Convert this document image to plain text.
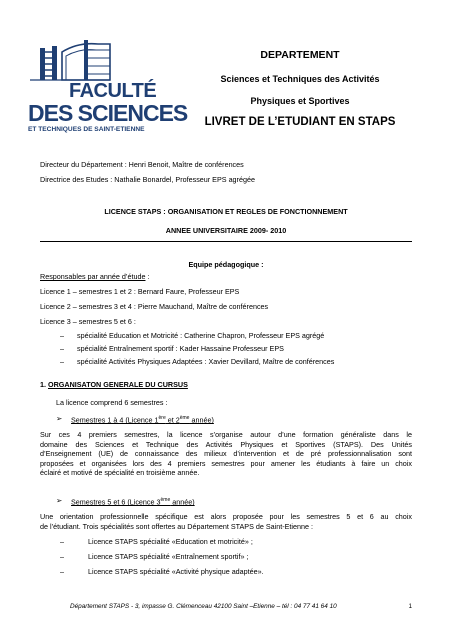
FACULTÉ
DES SCIENCES
ET TECHNIQUES DE SAINT-ETIENNE
DEPARTEMENT
Sciences et Techniques des Activités
Physiques et Sportives
LIVRET DE L’ETUDIANT EN STAPS
Directeur du Département : Henri Benoit, Maître de conférences
Directrice des Etudes : Nathalie Bonardel, Professeur EPS agrégée
LICENCE STAPS : ORGANISATION ET REGLES DE FONCTIONNEMENT
ANNEE UNIVERSITAIRE 2009- 2010
Equipe pédagogique :
Responsables par année d’étude :
Licence 1 – semestres 1 et 2 : Bernard Faure, Professeur EPS
Licence 2 – semestres 3 et 4 : Pierre Mauchand, Maître de conférences
Licence 3 – semestres 5 et 6 :
– spécialité Education et Motricité : Catherine Chapron, Professeur EPS agrégé
– spécialité Entraînement sportif : Kader Hassaine Professeur EPS
– spécialité Activités Physiques Adaptées : Xavier Devillard, Maître de conférences
1. ORGANISATON GENERALE DU CURSUS
La licence comprend 6 semestres :
➢ Semestres 1 à 4 (Licence 1ère et 2ème année)
Sur ces 4 premiers semestres, la licence s’organise autour d’une formation généraliste dans le
domaine des Sciences et Technique des Activités Physiques et Sportives (STAPS). Des Unités
d’Enseignement (UE) de connaissance des milieux d’intervention et de pré professionnalisation sont
proposées et organisées lors des 4 premiers semestres pour amener les étudiants à faire un choix
éclairé et motivé de spécialité en troisième année.
➢ Semestres 5 et 6 (Licence 3ème année)
Une orientation professionnelle spécifique est alors proposée pour les semestres 5 et 6 au choix
de l’étudiant. Trois spécialités sont offertes au Département STAPS de Saint-Etienne :
–	Licence STAPS spécialité «Education et motricité» ;
–	Licence STAPS spécialité «Entraînement sportif» ;
–	Licence STAPS spécialité «Activité physique adaptée».
Département STAPS - 3, impasse G. Clémenceau 42100 Saint –Etienne – tél : 04 77 41 64 10	1
